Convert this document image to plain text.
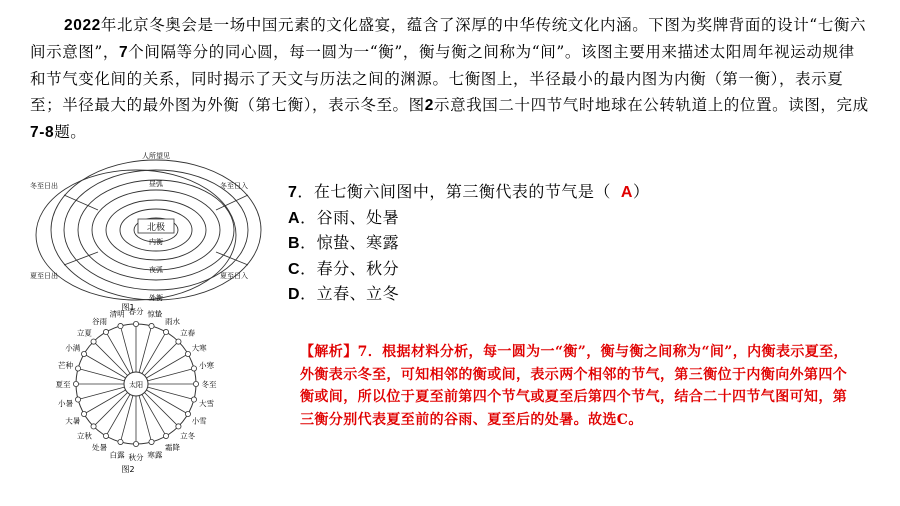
2022年北京冬奥会是一场中国元素的文化盛宴，蕴含了深厚的中华传统文化内涵。下图为奖牌背面的设计“七衡六间示意图”，7个间隔等分的同心圆，每一圆为一“衡”，衡与衡之间称为“间”。该图主要用来描述太阳周年视运动规律和节气变化间的关系，同时揭示了天文与历法之间的渊源。七衡图上，半径最小的最内图为内衡（第一衡），表示夏至；半径最大的最外图为外衡（第七衡），表示冬至。图2示意我国二十四节气时地球在公转轨道上的位置。读图，完成7-8题。
北极
内衡
外衡
人所望见
昼弧
夜弧
冬至日出	冬至日入
夏至日出	夏至日入
图1
太阳
春分 惊蛰
雨水
立春
大寒
小寒
冬至
大雪
小雪
立冬
霜降
寒露
秋分
白露
处暑
立秋
大暑
小暑
夏至
芒种
小满
立夏
谷雨
清明
图2
7．在七衡六间图中，第三衡代表的节气是（ A）
A．谷雨、处暑
B．惊蛰、寒露
C．春分、秋分
D．立春、立冬
【解析】7．根据材料分析，每一圆为一“衡”，衡与衡之间称为“间”，内衡表示夏至，外衡表示冬至，可知相邻的衡或间，表示两个相邻的节气，第三衡位于内衡向外第四个衡或间，所以位于夏至前第四个节气或夏至后第四个节气，结合二十四节气图可知，第三衡分别代表夏至前的谷雨、夏至后的处暑。故选C。
